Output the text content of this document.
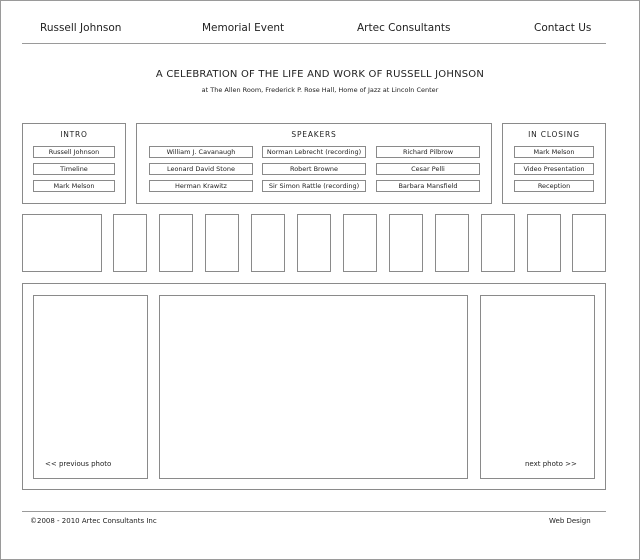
Russell Johnson	Memorial Event	Artec Consultants	Contact Us
A CELEBRATION OF THE LIFE AND WORK OF RUSSELL JOHNSON
at The Allen Room, Frederick P. Rose Hall, Home of Jazz at Lincoln Center
INTRO
Russell Johnson
Timeline
Mark Melson
SPEAKERS
William J. Cavanaugh	Norman Lebrecht (recording)	Richard Pilbrow
Leonard David Stone	Robert Browne	Cesar Pelli
Herman Krawitz	Sir Simon Rattle (recording)	Barbara Mansfield
IN CLOSING
Mark Melson
Video Presentation
Reception
<< previous photo	next photo >>
©2008 - 2010 Artec Consultants Inc	Web Design
